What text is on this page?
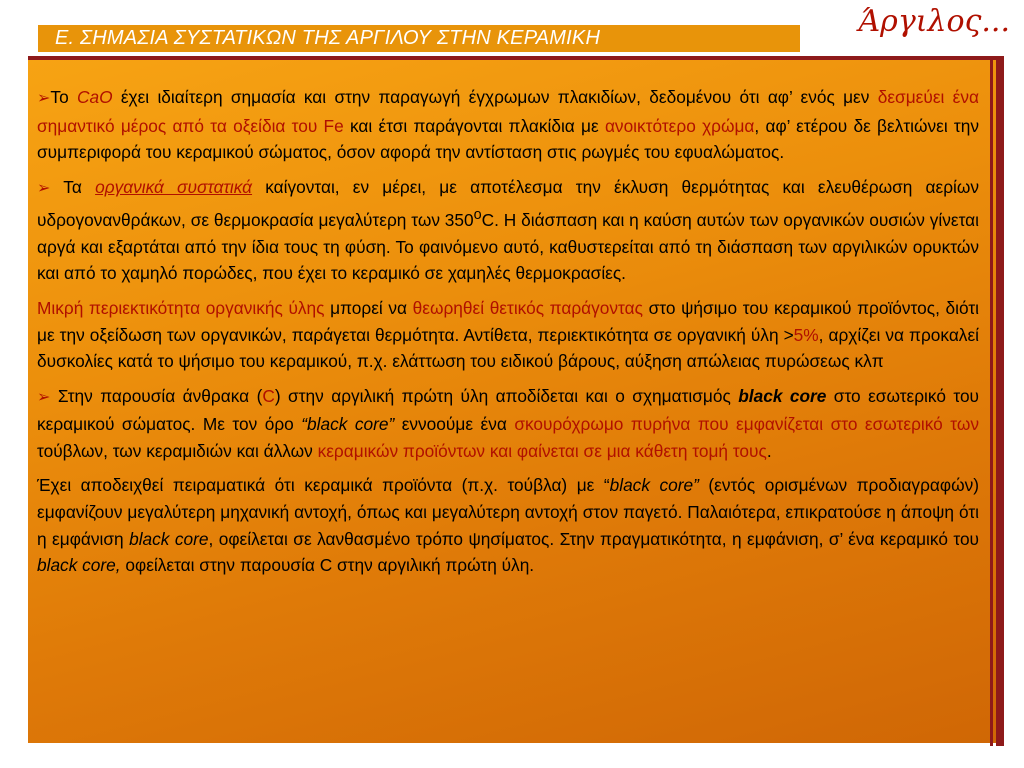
Ε. ΣΗΜΑΣΙΑ ΣΥΣΤΑΤΙΚΩΝ ΤΗΣ ΑΡΓΙΛΟΥ ΣΤΗΝ ΚΕΡΑΜΙΚΗ	Άργιλος...

➢Το CaO έχει ιδιαίτερη σημασία και στην παραγωγή έγχρωμων πλακιδίων, δεδομένου ότι αφ’ ενός μεν δεσμεύει ένα σημαντικό μέρος από τα οξείδια του Fe και έτσι παράγονται πλακίδια με ανοικτότερο χρώμα, αφ’ ετέρου δε βελτιώνει την συμπεριφορά του κεραμικού σώματος, όσον αφορά την αντίσταση στις ρωγμές του εφυαλώματος.

➢ Τα οργανικά συστατικά καίγονται, εν μέρει, με αποτέλεσμα την έκλυση θερμότητας και ελευθέρωση αερίων υδρογονανθράκων, σε θερμοκρασία μεγαλύτερη των $350^oC$. Η διάσπαση και η καύση αυτών των οργανικών ουσιών γίνεται αργά και εξαρτάται από την ίδια τους τη φύση. Το φαινόμενο αυτό, καθυστερείται από τη διάσπαση των αργιλικών ορυκτών και από το χαμηλό πορώδες, που έχει το κεραμικό σε χαμηλές θερμοκρασίες.

Μικρή περιεκτικότητα οργανικής ύλης μπορεί να θεωρηθεί θετικός παράγοντας στο ψήσιμο του κεραμικού προϊόντος, διότι με την οξείδωση των οργανικών, παράγεται θερμότητα. Αντίθετα, περιεκτικότητα σε οργανική ύλη >5%, αρχίζει να προκαλεί δυσκολίες κατά το ψήσιμο του κεραμικού, π.χ. ελάττωση του ειδικού βάρους, αύξηση απώλειας πυρώσεως κλπ

➢ Στην παρουσία άνθρακα (C) στην αργιλική πρώτη ύλη αποδίδεται και ο σχηματισμός black core στο εσωτερικό του κεραμικού σώματος. Με τον όρο “black core” εννοούμε ένα σκουρόχρωμο πυρήνα που εμφανίζεται στο εσωτερικό των τούβλων, των κεραμιδιών και άλλων κεραμικών προϊόντων και φαίνεται σε μια κάθετη τομή τους.

Έχει αποδειχθεί πειραματικά ότι κεραμικά προϊόντα (π.χ. τούβλα) με “black core” (εντός ορισμένων προδιαγραφών) εμφανίζουν μεγαλύτερη μηχανική αντοχή, όπως και μεγαλύτερη αντοχή στον παγετό. Παλαιότερα, επικρατούσε η άποψη ότι η εμφάνιση black core, οφείλεται σε λανθασμένο τρόπο ψησίματος. Στην πραγματικότητα, η εμφάνιση, σ’ ένα κεραμικό του black core, οφείλεται στην παρουσία C στην αργιλική πρώτη ύλη.
